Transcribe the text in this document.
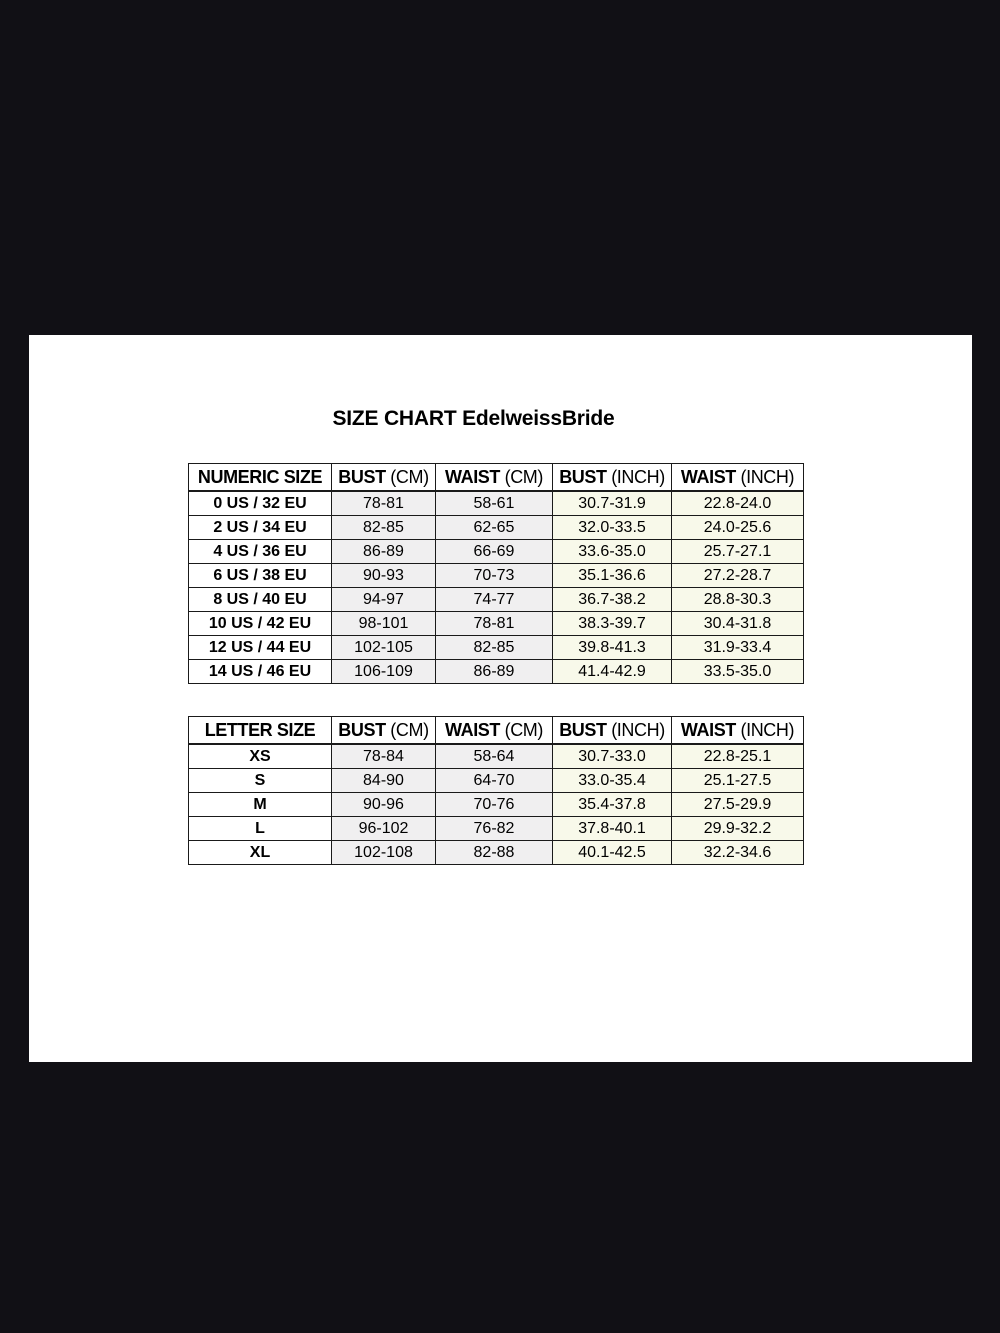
SIZE CHART EdelweissBride
NUMERIC SIZE	BUST (CM)	WAIST (CM)	BUST (INCH)	WAIST (INCH)
0 US / 32 EU	78-81	58-61	30.7-31.9	22.8-24.0
2 US / 34 EU	82-85	62-65	32.0-33.5	24.0-25.6
4 US / 36 EU	86-89	66-69	33.6-35.0	25.7-27.1
6 US / 38 EU	90-93	70-73	35.1-36.6	27.2-28.7
8 US / 40 EU	94-97	74-77	36.7-38.2	28.8-30.3
10 US / 42 EU	98-101	78-81	38.3-39.7	30.4-31.8
12 US / 44 EU	102-105	82-85	39.8-41.3	31.9-33.4
14 US / 46 EU	106-109	86-89	41.4-42.9	33.5-35.0
LETTER SIZE	BUST (CM)	WAIST (CM)	BUST (INCH)	WAIST (INCH)
XS	78-84	58-64	30.7-33.0	22.8-25.1
S	84-90	64-70	33.0-35.4	25.1-27.5
M	90-96	70-76	35.4-37.8	27.5-29.9
L	96-102	76-82	37.8-40.1	29.9-32.2
XL	102-108	82-88	40.1-42.5	32.2-34.6
